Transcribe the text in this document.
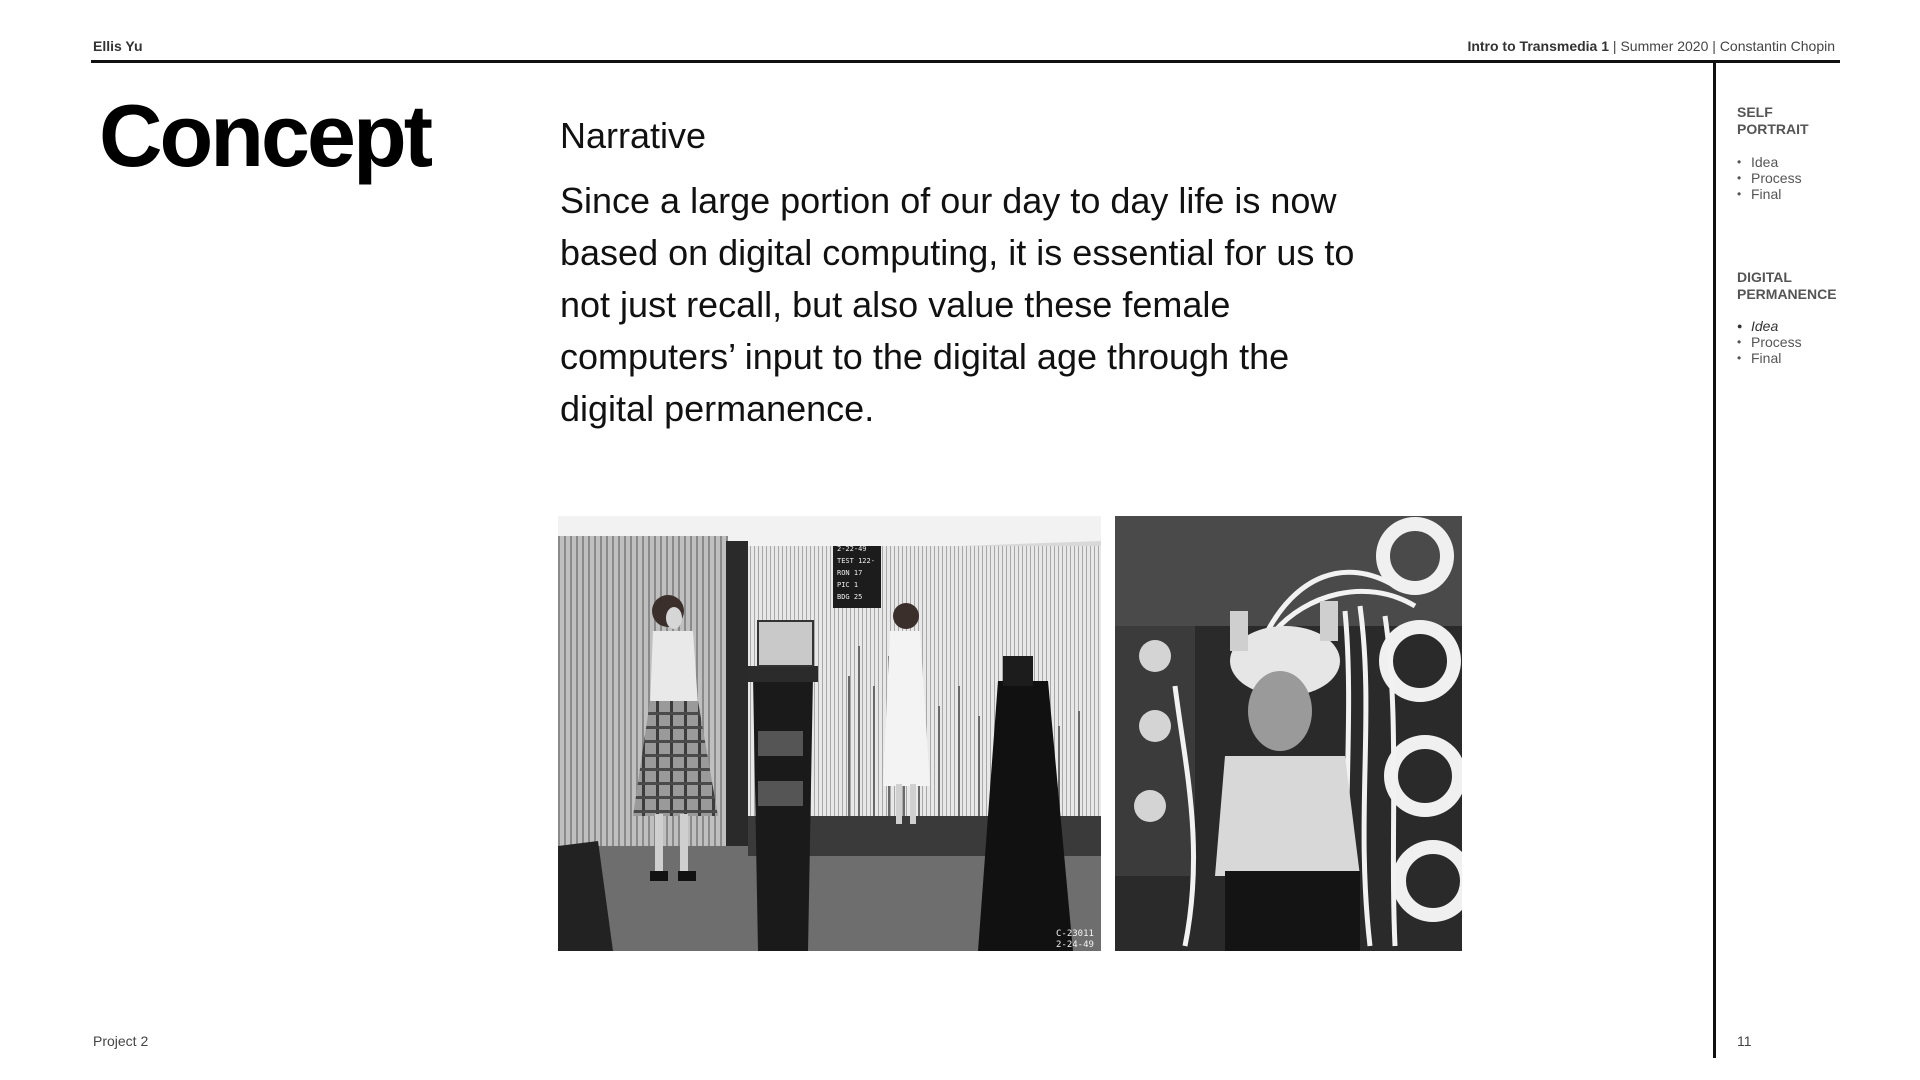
Ellis Yu	Intro to Transmedia 1 | Summer 2020 | Constantin Chopin
Concept	Narrative
Since a large portion of our day to day life is now based on digital computing, it is essential for us to not just recall, but also value these female computers’ input to the digital age through the digital permanence.
2-22-49
TEST 122-
RON 17
PIC 1
BDG 25
C-23011
2-24-49
SELF
PORTRAIT
• Idea
• Process
• Final
DIGITAL
PERMANENCE
● Idea
• Process
• Final
Project 2	11
